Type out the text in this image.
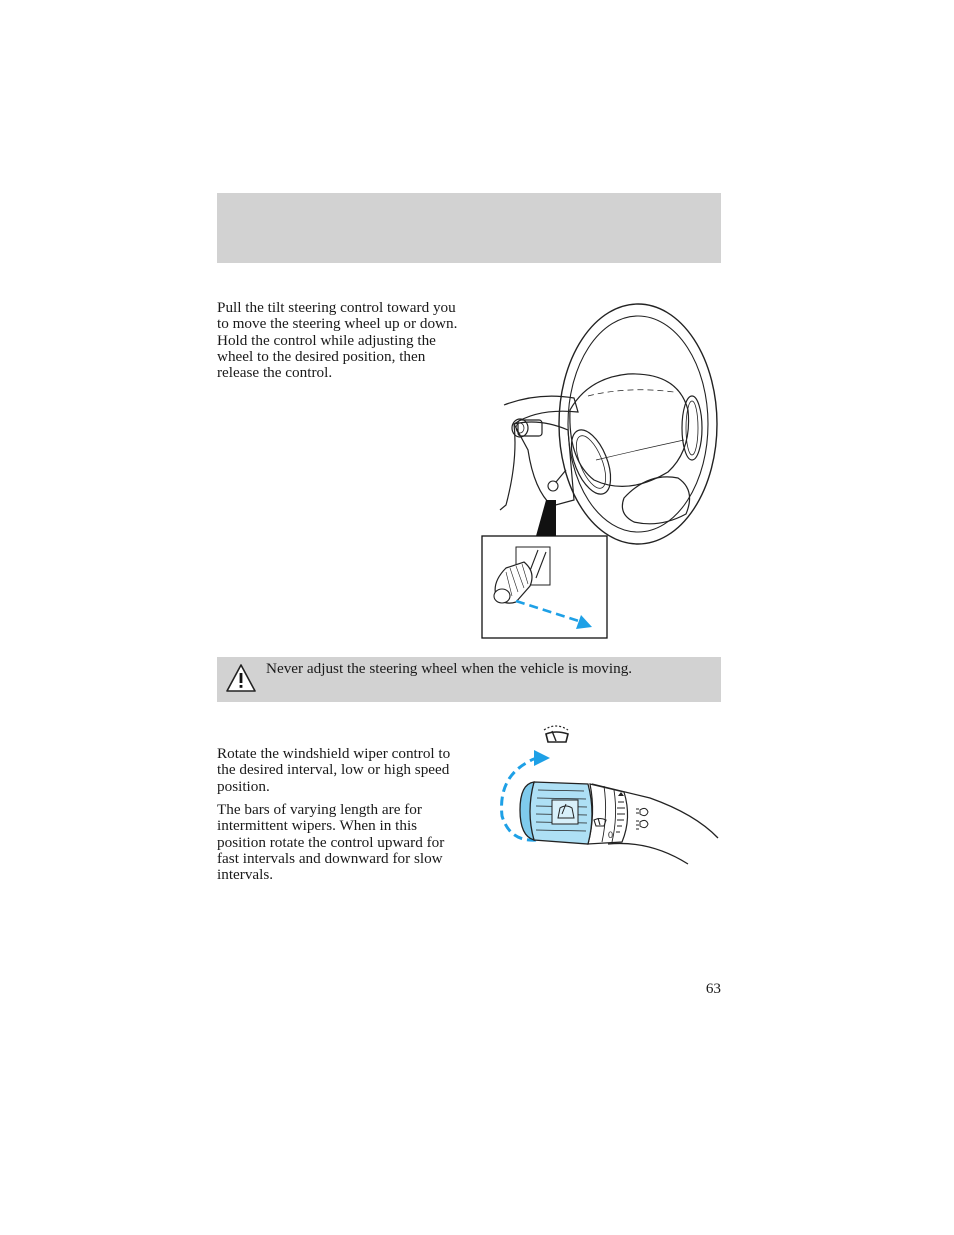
Pull the tilt steering control toward you to move the steering wheel up or down. Hold the control while adjusting the wheel to the desired position, then release the control.

Never adjust the steering wheel when the vehicle is moving.

Rotate the windshield wiper control to the desired interval, low or high speed position.

The bars of varying length are for intermittent wipers. When in this position rotate the control upward for fast intervals and downward for slow intervals.

0
63
